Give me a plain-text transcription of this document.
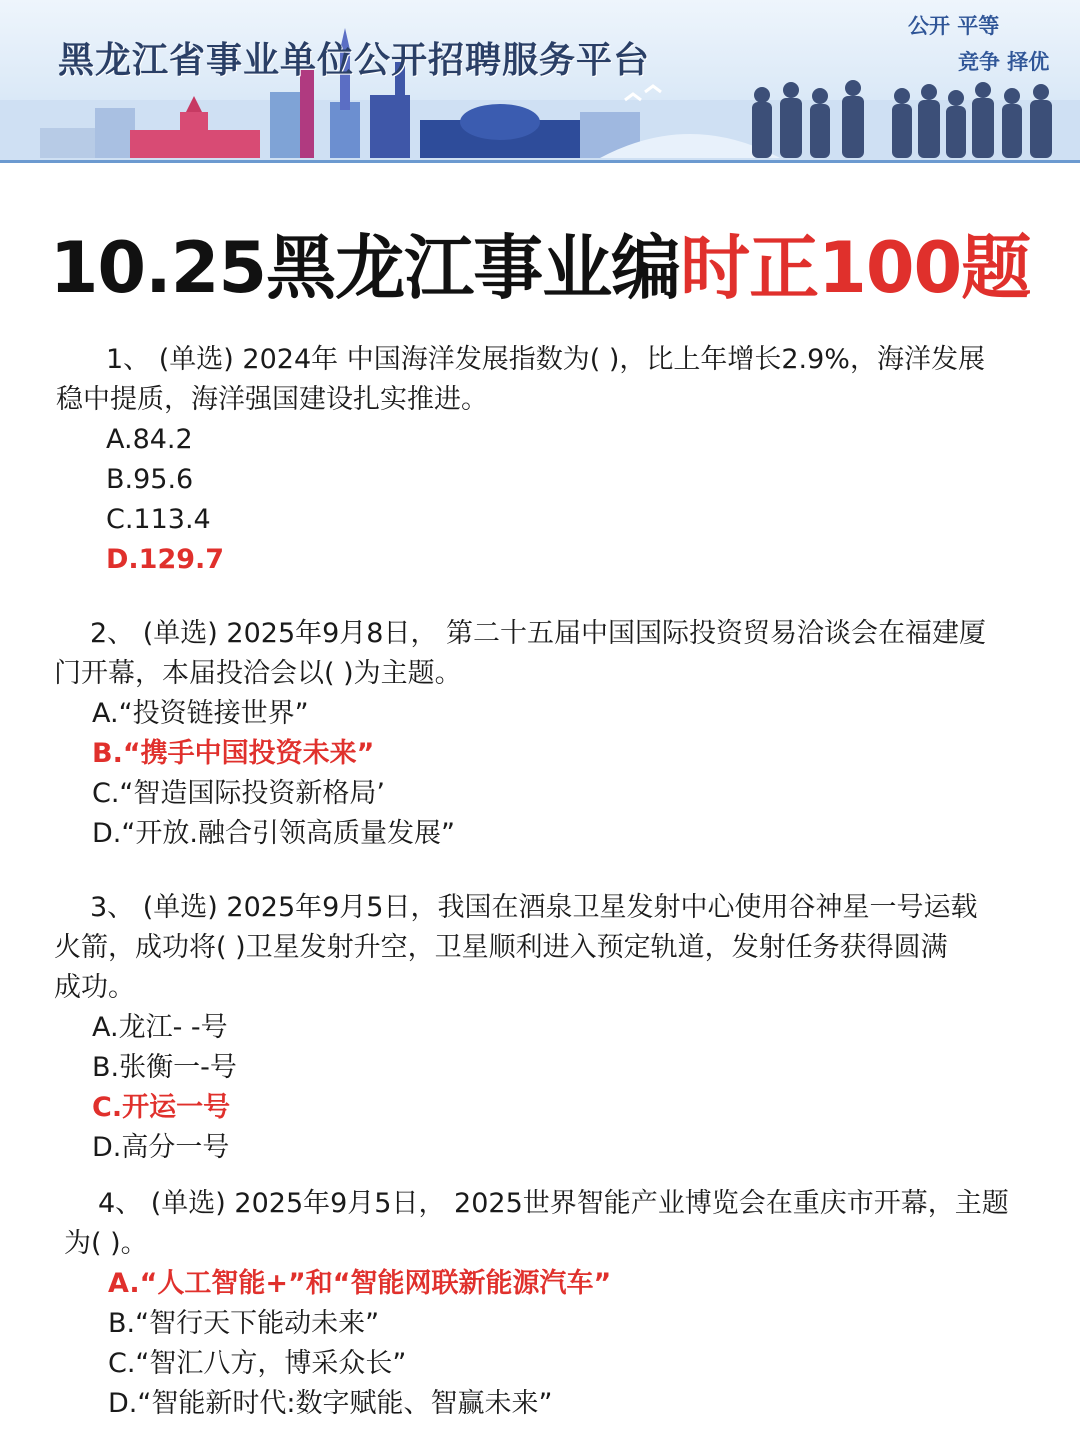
黑龙江省事业单位公开招聘服务平台
公开 平等
竞争 择优
10.25黑龙江事业编时正100题
1、 (单选) 2024年 中国海洋发展指数为( )，比上年增长2.9%，海洋发展
稳中提质，海洋强国建设扎实推进。
A.84.2
B.95.6
C.113.4
D.129.7
2、 (单选) 2025年9月8日， 第二十五届中国国际投资贸易洽谈会在福建厦
门开幕，本届投洽会以( )为主题。
A.“投资链接世界”
B.“携手中国投资未来”
C.“智造国际投资新格局’
D.“开放.融合引领高质量发展”
3、 (单选) 2025年9月5日，我国在酒泉卫星发射中心使用谷神星一号运载
火箭，成功将( )卫星发射升空，卫星顺利进入预定轨道，发射任务获得圆满
成功。
A.龙江- -号
B.张衡一-号
C.开运一号
D.高分一号
4、 (单选) 2025年9月5日， 2025世界智能产业博览会在重庆市开幕，主题
为( )。
A.“人工智能+”和“智能网联新能源汽车”
B.“智行天下能动未来”
C.“智汇八方，博采众长”
D.“智能新时代:数字赋能、智赢未来”
